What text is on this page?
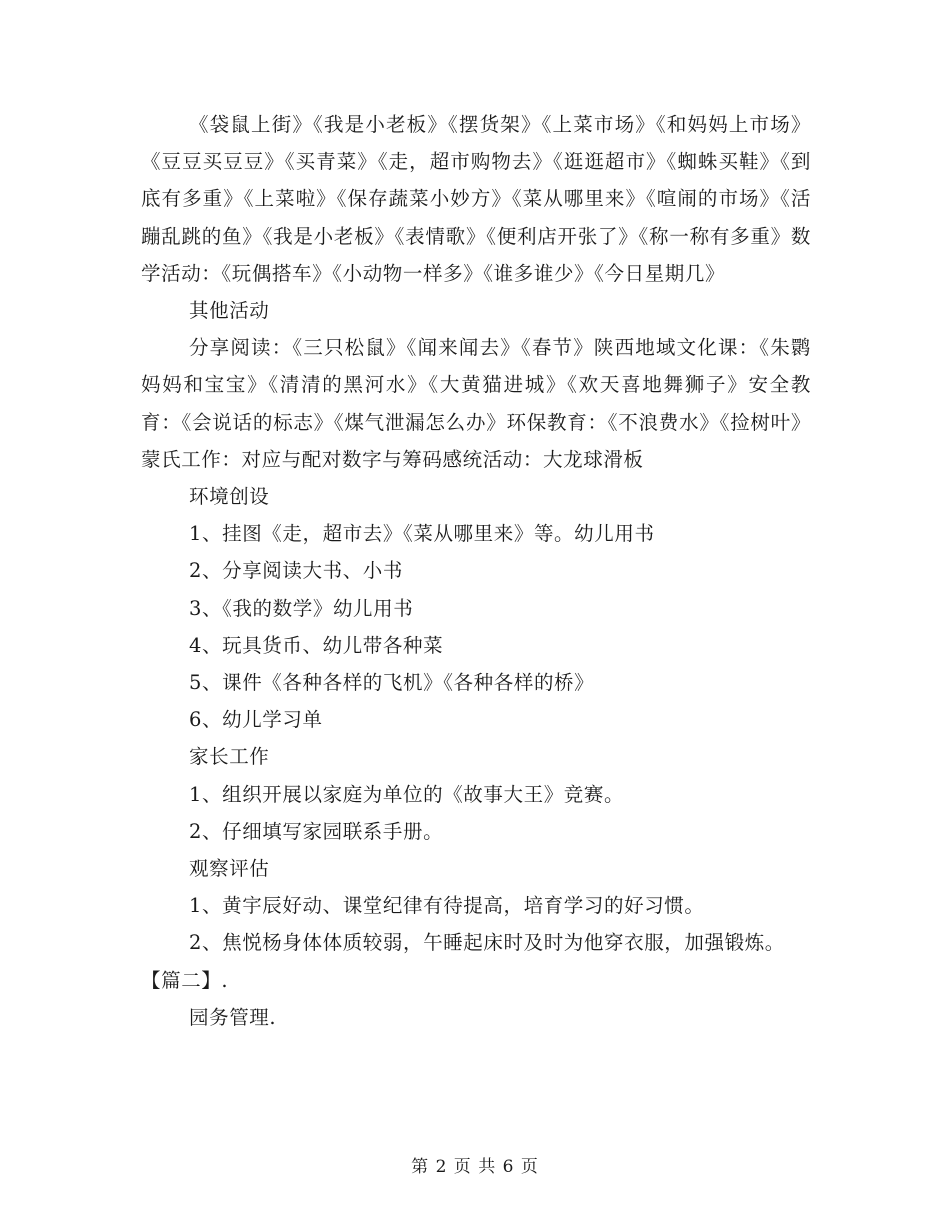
《袋鼠上街》《我是小老板》《摆货架》《上菜市场》《和妈妈上市场》《豆豆买豆豆》《买青菜》《走，超市购物去》《逛逛超市》《蜘蛛买鞋》《到底有多重》《上菜啦》《保存蔬菜小妙方》《菜从哪里来》《喧闹的市场》《活蹦乱跳的鱼》《我是小老板》《表情歌》《便利店开张了》《称一称有多重》数学活动：《玩偶搭车》《小动物一样多》《谁多谁少》《今日星期几》

其他活动

分享阅读：《三只松鼠》《闻来闻去》《春节》陕西地域文化课：《朱鹮妈妈和宝宝》《清清的黑河水》《大黄猫进城》《欢天喜地舞狮子》安全教育：《会说话的标志》《煤气泄漏怎么办》环保教育：《不浪费水》《捡树叶》蒙氏工作：对应与配对数字与筹码感统活动：大龙球滑板

环境创设

1、挂图《走，超市去》《菜从哪里来》等。幼儿用书

2、分享阅读大书、小书

3、《我的数学》幼儿用书

4、玩具货币、幼儿带各种菜

5、课件《各种各样的飞机》《各种各样的桥》

6、幼儿学习单

家长工作

1、组织开展以家庭为单位的《故事大王》竞赛。

2、仔细填写家园联系手册。

观察评估

1、黄宇辰好动、课堂纪律有待提高，培育学习的好习惯。

2、焦悦杨身体体质较弱，午睡起床时及时为他穿衣服，加强锻炼。

【篇二】.

园务管理.

第 2 页 共 6 页
